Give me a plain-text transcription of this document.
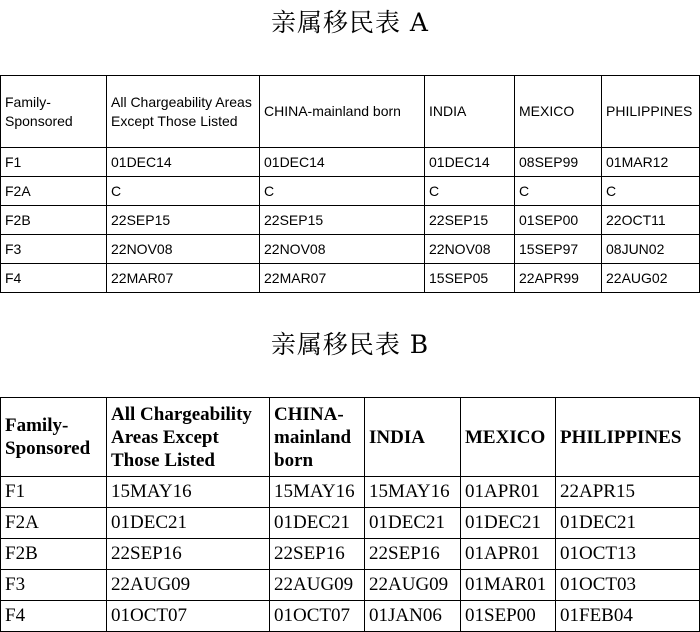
亲属移民表 A
Family- Sponsored	All Chargeability Areas Except Those Listed	CHINA-mainland born	INDIA	MEXICO	PHILIPPINES
F1	01DEC14	01DEC14	01DEC14	08SEP99	01MAR12
F2A	C	C	C	C	C
F2B	22SEP15	22SEP15	22SEP15	01SEP00	22OCT11
F3	22NOV08	22NOV08	22NOV08	15SEP97	08JUN02
F4	22MAR07	22MAR07	15SEP05	22APR99	22AUG02
亲属移民表 B
Family- Sponsored	All Chargeability Areas Except Those Listed	CHINA- mainland born	INDIA	MEXICO	PHILIPPINES
F1	15MAY16	15MAY16	15MAY16	01APR01	22APR15
F2A	01DEC21	01DEC21	01DEC21	01DEC21	01DEC21
F2B	22SEP16	22SEP16	22SEP16	01APR01	01OCT13
F3	22AUG09	22AUG09	22AUG09	01MAR01	01OCT03
F4	01OCT07	01OCT07	01JAN06	01SEP00	01FEB04
